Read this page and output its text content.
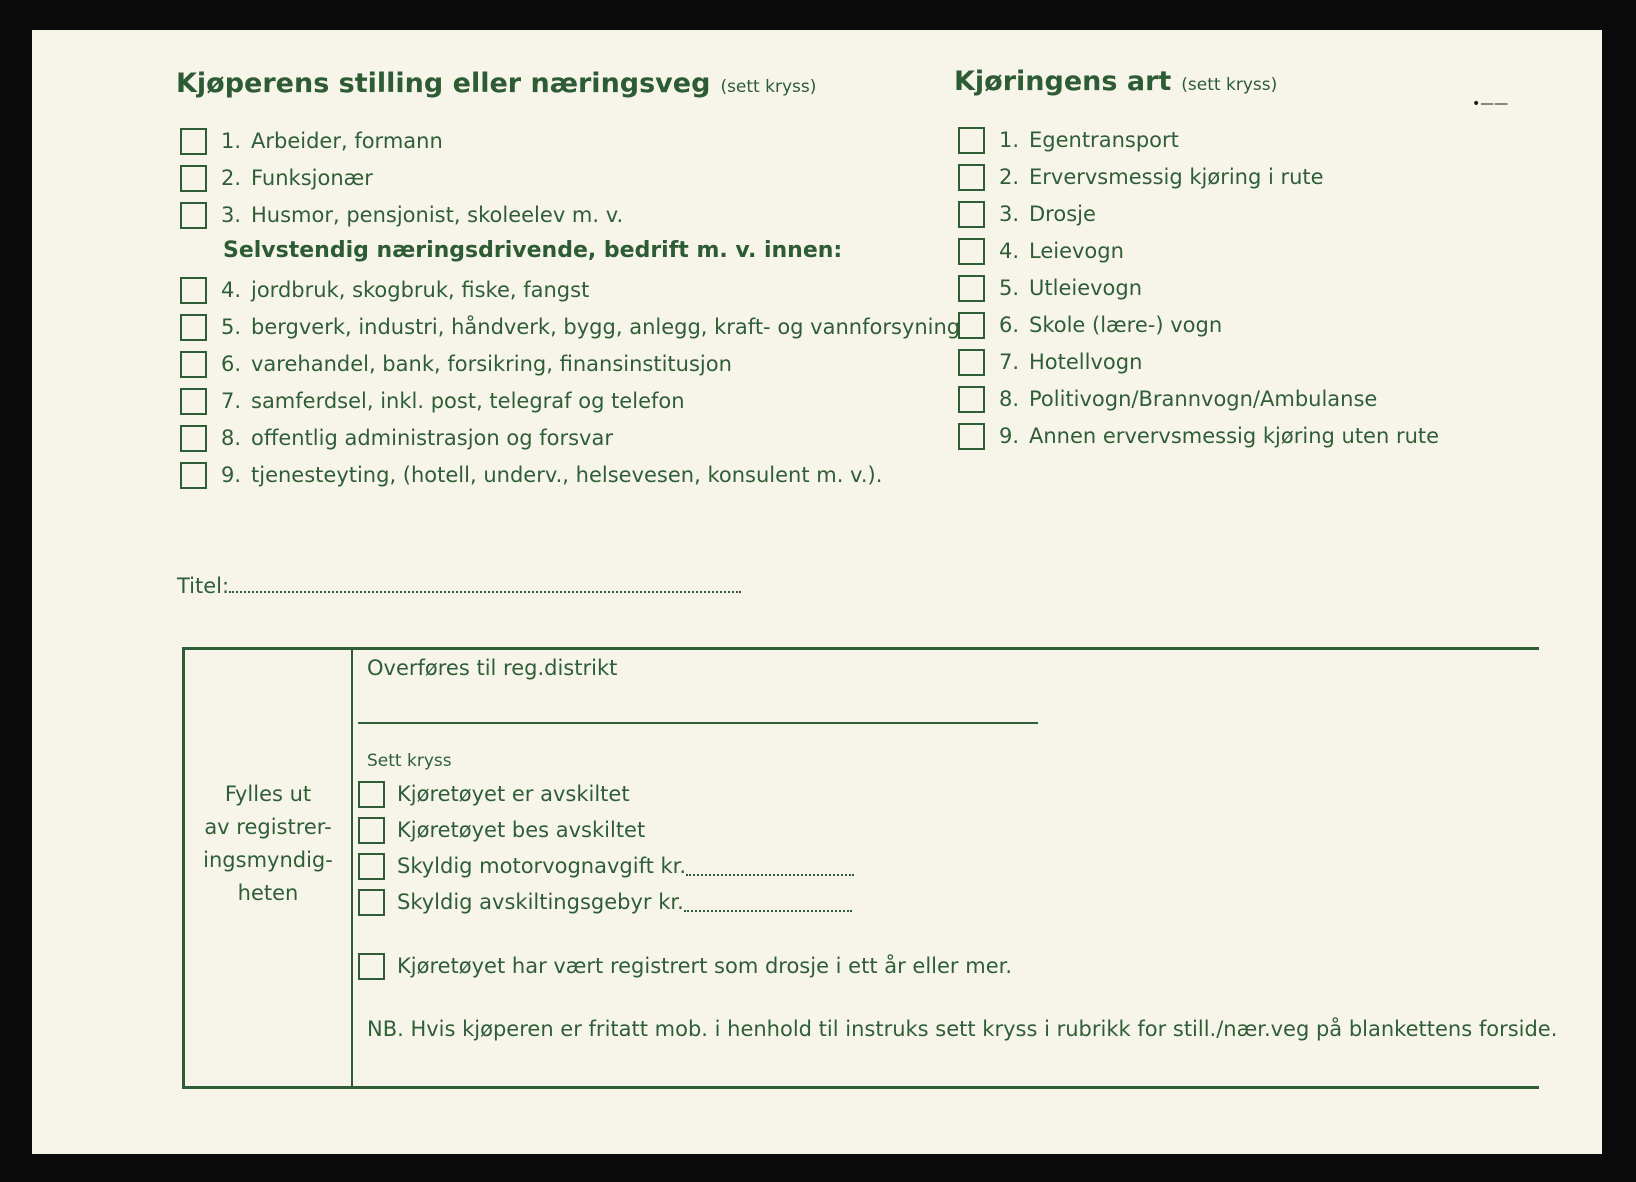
Kjøperens stilling eller næringsveg (sett kryss)	Kjøringens art (sett kryss)
•——
1. Arbeider, formann
2. Funksjonær
3. Husmor, pensjonist, skoleelev m. v.
Selvstendig næringsdrivende, bedrift m. v. innen:
4. jordbruk, skogbruk, fiske, fangst
5. bergverk, industri, håndverk, bygg, anlegg, kraft- og vannforsyning
6. varehandel, bank, forsikring, finansinstitusjon
7. samferdsel, inkl. post, telegraf og telefon
8. offentlig administrasjon og forsvar
9. tjenesteyting, (hotell, underv., helsevesen, konsulent m. v.).
1. Egentransport
2. Ervervsmessig kjøring i rute
3. Drosje
4. Leievogn
5. Utleievogn
6. Skole (lære-) vogn
7. Hotellvogn
8. Politivogn/Brannvogn/Ambulanse
9. Annen ervervsmessig kjøring uten rute
Titel:
Fylles ut
av registrer-
ingsmyndig-
heten
Overføres til reg.distrikt
Sett kryss
Kjøretøyet er avskiltet
Kjøretøyet bes avskiltet
Skyldig motorvognavgift kr.
Skyldig avskiltingsgebyr kr.
Kjøretøyet har vært registrert som drosje i ett år eller mer.
NB. Hvis kjøperen er fritatt mob. i henhold til instruks sett kryss i rubrikk for still./nær.veg på blankettens forside.
